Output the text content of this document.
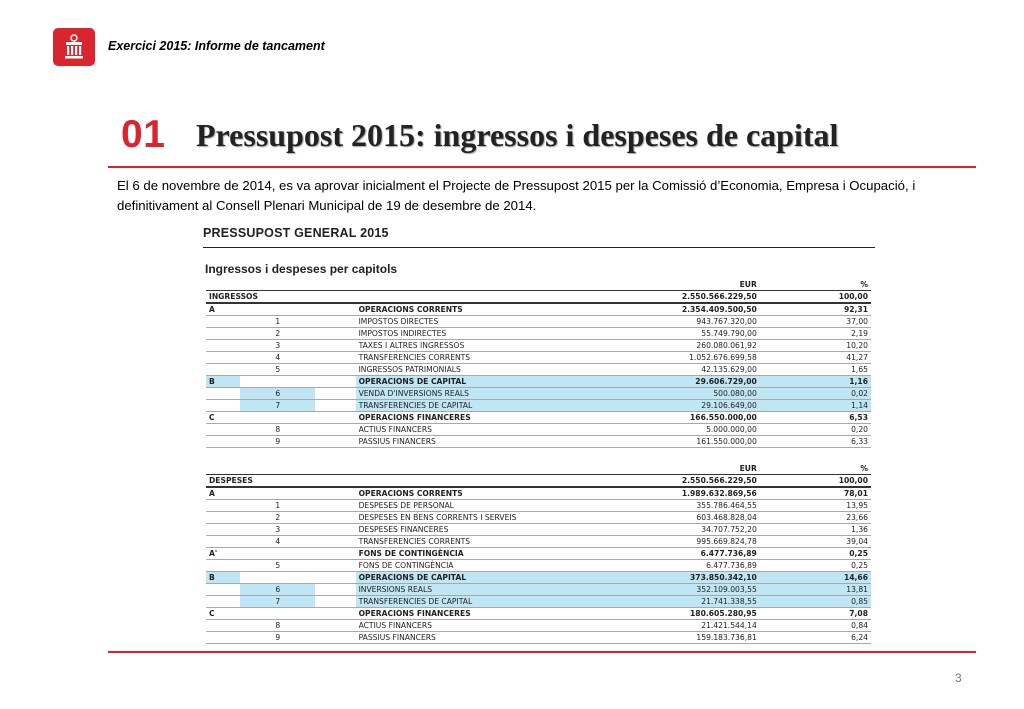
Exercici 2015: Informe de tancament
01 Pressupost 2015: ingressos i despeses de capital

El 6 de novembre de 2014, es va aprovar inicialment el Projecte de Pressupost 2015 per la Comissió d’Economia, Empresa i Ocupació, i definitivament al Consell Plenari Municipal de 19 de desembre de 2014.

PRESSUPOST GENERAL 2015
Ingressos i despeses per capitols
				EUR	%
INGRESSOS				2.550.566.229,50	100,00
A			OPERACIONS CORRENTS	2.354.409.500,50	92,31
	1		IMPOSTOS DIRECTES	943.767.320,00	37,00
	2		IMPOSTOS INDIRECTES	55.749.790,00	2,19
	3		TAXES I ALTRES INGRESSOS	260.080.061,92	10,20
	4		TRANSFERENCIES CORRENTS	1.052.676.699,58	41,27
	5		INGRESSOS PATRIMONIALS	42.135.629,00	1,65
B			OPERACIONS DE CAPITAL	29.606.729,00	1,16
	6		VENDA D'INVERSIONS REALS	500.080,00	0,02
	7		TRANSFERENCIES DE CAPITAL	29.106.649,00	1,14
C			OPERACIONS FINANCERES	166.550.000,00	6,53
	8		ACTIUS FINANCERS	5.000.000,00	0,20
	9		PASSIUS FINANCERS	161.550.000,00	6,33
				EUR	%
DESPESES				2.550.566.229,50	100,00
A			OPERACIONS CORRENTS	1.989.632.869,56	78,01
	1		DESPESES DE PERSONAL	355.786.464,55	13,95
	2		DESPESES EN BENS CORRENTS I SERVEIS	603.468.828,04	23,66
	3		DESPESES FINANCERES	34.707.752,20	1,36
	4		TRANSFERENCIES CORRENTS	995.669.824,78	39,04
A'			FONS DE CONTINGÈNCIA	6.477.736,89	0,25
	5		FONS DE CONTINGÈNCIA	6.477.736,89	0,25
B			OPERACIONS DE CAPITAL	373.850.342,10	14,66
	6		INVERSIONS REALS	352.109.003,55	13,81
	7		TRANSFERENCIES DE CAPITAL	21.741.338,55	0,85
C			OPERACIONS FINANCERES	180.605.280,95	7,08
	8		ACTIUS FINANCERS	21.421.544,14	0,84
	9		PASSIUS FINANCERS	159.183.736,81	6,24
3
